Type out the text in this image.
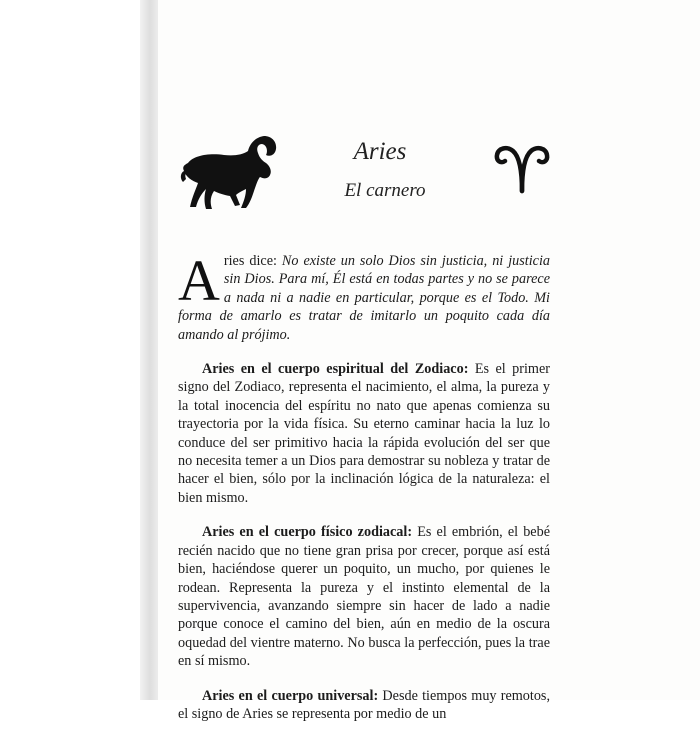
Aries
El carnero

Aries dice: No existe un solo Dios sin justicia, ni justicia sin Dios. Para mí, Él está en todas partes y no se parece a nada ni a nadie en particular, porque es el Todo. Mi forma de amarlo es tratar de imitarlo un poquito cada día amando al prójimo.

Aries en el cuerpo espiritual del Zodiaco: Es el primer signo del Zodiaco, representa el nacimiento, el alma, la pureza y la total inocencia del espíritu no nato que apenas comienza su trayectoria por la vida física. Su eterno caminar hacia la luz lo conduce del ser primitivo hacia la rápida evolución del ser que no necesita temer a un Dios para demostrar su nobleza y tratar de hacer el bien, sólo por la inclinación lógica de la naturaleza: el bien mismo.

Aries en el cuerpo físico zodiacal: Es el embrión, el bebé recién nacido que no tiene gran prisa por crecer, porque así está bien, haciéndose querer un poquito, un mucho, por quienes le rodean. Representa la pureza y el instinto elemental de la supervivencia, avanzando siempre sin hacer de lado a nadie porque conoce el camino del bien, aún en medio de la oscura oquedad del vientre materno. No busca la perfección, pues la trae en sí mismo.

Aries en el cuerpo universal: Desde tiempos muy remotos, el signo de Aries se representa por medio de un
